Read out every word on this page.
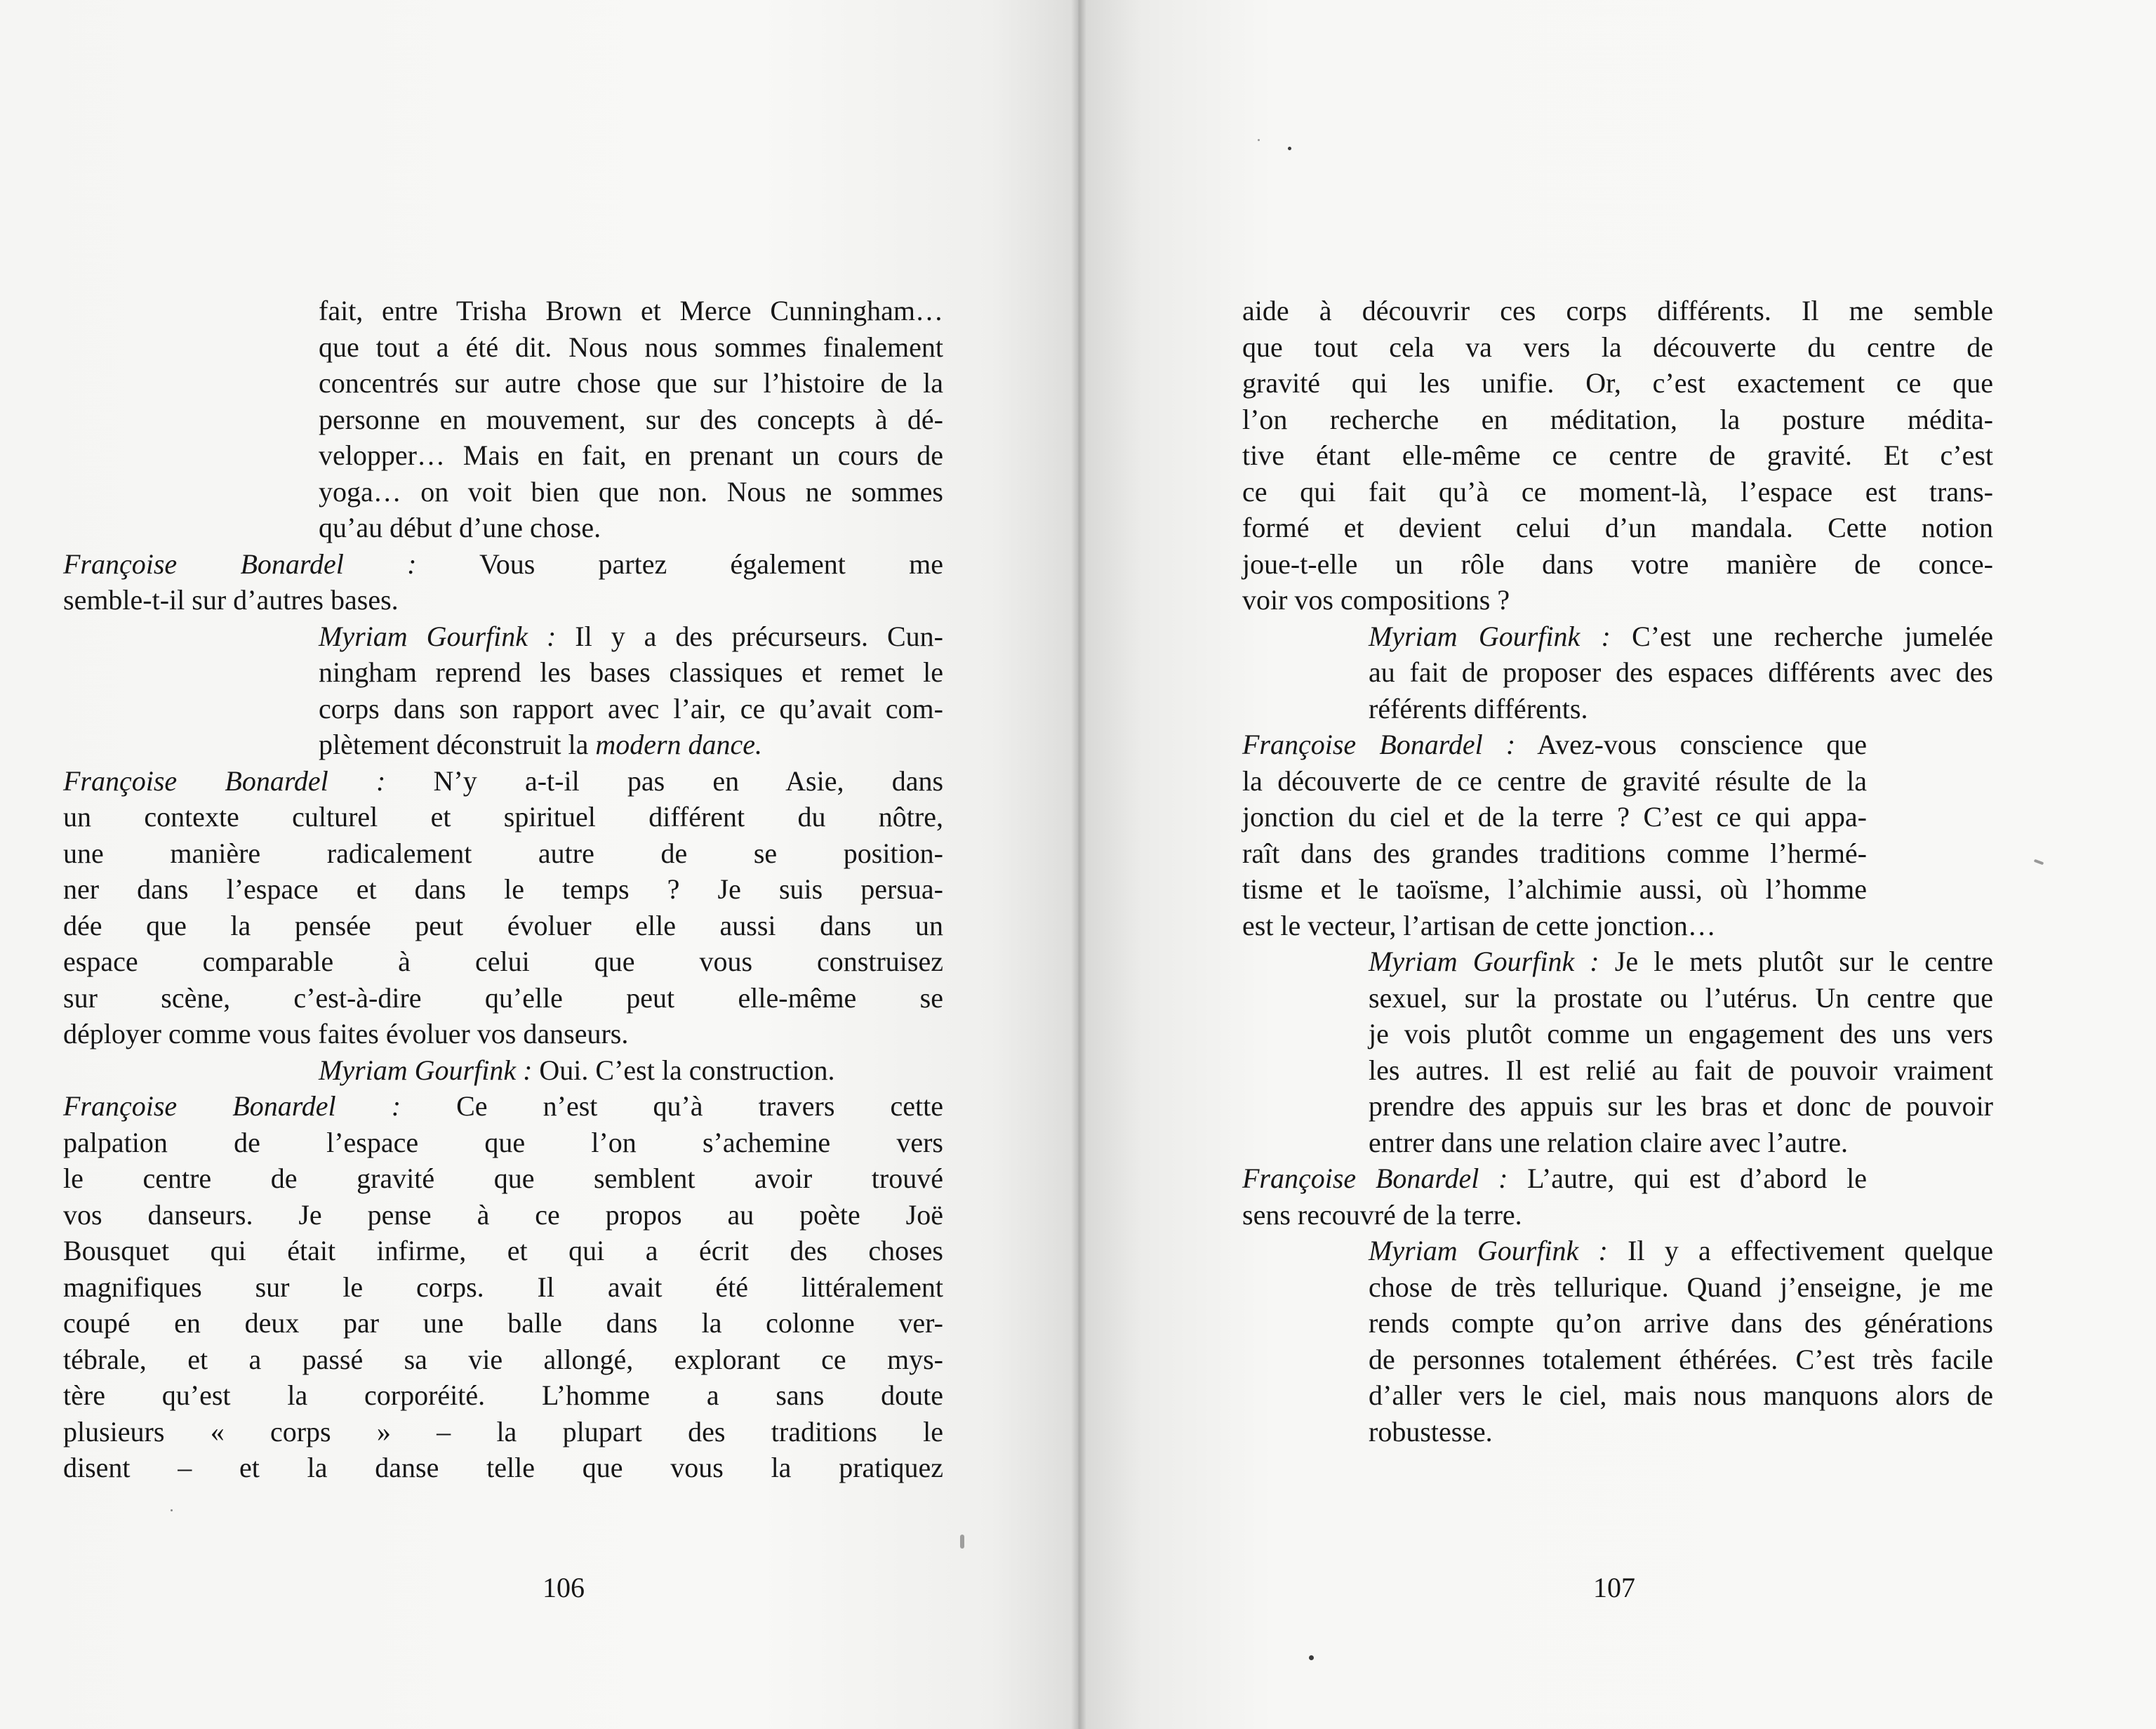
fait, entre Trisha Brown et Merce Cunningham…
que tout a été dit. Nous nous sommes finalement
concentrés sur autre chose que sur l’histoire de la
personne en mouvement, sur des concepts à dé-
velopper… Mais en fait, en prenant un cours de
yoga… on voit bien que non. Nous ne sommes
qu’au début d’une chose.
Françoise Bonardel : Vous partez également me
semble-t-il sur d’autres bases.
Myriam Gourfink : Il y a des précurseurs. Cun-
ningham reprend les bases classiques et remet le
corps dans son rapport avec l’air, ce qu’avait com-
plètement déconstruit la modern dance.
Françoise Bonardel : N’y a-t-il pas en Asie, dans
un contexte culturel et spirituel différent du nôtre,
une manière radicalement autre de se position-
ner dans l’espace et dans le temps ? Je suis persua-
dée que la pensée peut évoluer elle aussi dans un
espace comparable à celui que vous construisez
sur scène, c’est-à-dire qu’elle peut elle-même se
déployer comme vous faites évoluer vos danseurs.
Myriam Gourfink : Oui. C’est la construction.
Françoise Bonardel : Ce n’est qu’à travers cette
palpation de l’espace que l’on s’achemine vers
le centre de gravité que semblent avoir trouvé
vos danseurs. Je pense à ce propos au poète Joë
Bousquet qui était infirme, et qui a écrit des choses
magnifiques sur le corps. Il avait été littéralement
coupé en deux par une balle dans la colonne ver-
tébrale, et a passé sa vie allongé, explorant ce mys-
tère qu’est la corporéité. L’homme a sans doute
plusieurs « corps » – la plupart des traditions le
disent – et la danse telle que vous la pratiquez
aide à découvrir ces corps différents. Il me semble
que tout cela va vers la découverte du centre de
gravité qui les unifie. Or, c’est exactement ce que
l’on recherche en méditation, la posture médita-
tive étant elle-même ce centre de gravité. Et c’est
ce qui fait qu’à ce moment-là, l’espace est trans-
formé et devient celui d’un mandala. Cette notion
joue-t-elle un rôle dans votre manière de conce-
voir vos compositions ?
Myriam Gourfink : C’est une recherche jumelée
au fait de proposer des espaces différents avec des
référents différents.
Françoise Bonardel : Avez-vous conscience que
la découverte de ce centre de gravité résulte de la
jonction du ciel et de la terre ? C’est ce qui appa-
raît dans des grandes traditions comme l’hermé-
tisme et le taoïsme, l’alchimie aussi, où l’homme
est le vecteur, l’artisan de cette jonction…
Myriam Gourfink : Je le mets plutôt sur le centre
sexuel, sur la prostate ou l’utérus. Un centre que
je vois plutôt comme un engagement des uns vers
les autres. Il est relié au fait de pouvoir vraiment
prendre des appuis sur les bras et donc de pouvoir
entrer dans une relation claire avec l’autre.
Françoise Bonardel : L’autre, qui est d’abord le
sens recouvré de la terre.
Myriam Gourfink : Il y a effectivement quelque
chose de très tellurique. Quand j’enseigne, je me
rends compte qu’on arrive dans des générations
de personnes totalement éthérées. C’est très facile
d’aller vers le ciel, mais nous manquons alors de
robustesse.
106	107
